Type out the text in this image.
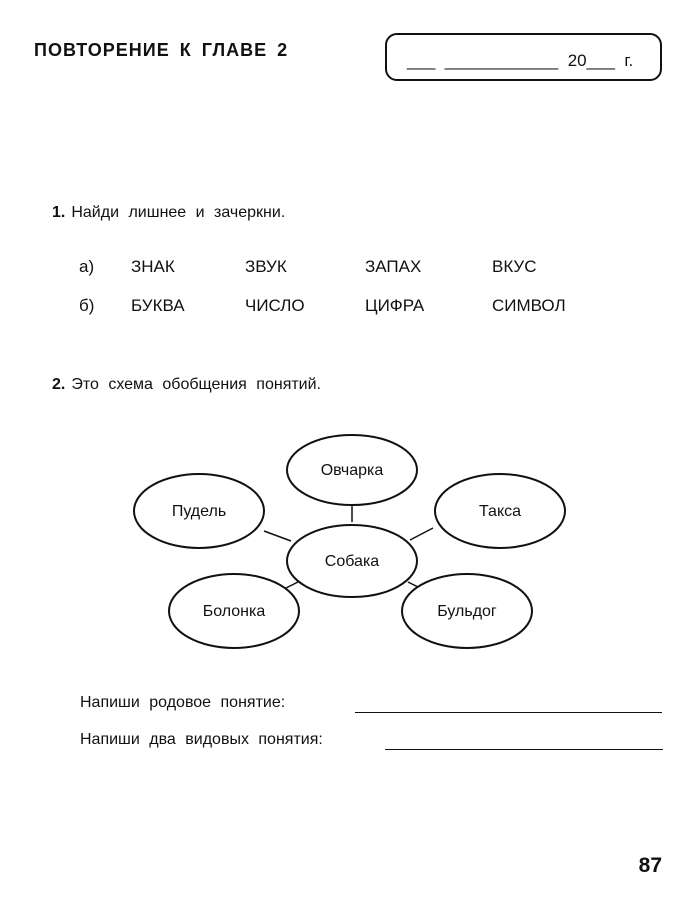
ПОВТОРЕНИЕ К ГЛАВЕ 2
___  ____________  20___  г.
1. Найди лишнее и зачеркни.
а) ЗНАК	ЗВУК	ЗАПАХ	ВКУС
б) БУКВА	ЧИСЛО	ЦИФРА	СИМВОЛ
2. Это схема обобщения понятий.
Овчарка
Пудель	Такса
Собака
Болонка	Бульдог
Напиши родовое понятие:
Напиши два видовых понятия:
87
